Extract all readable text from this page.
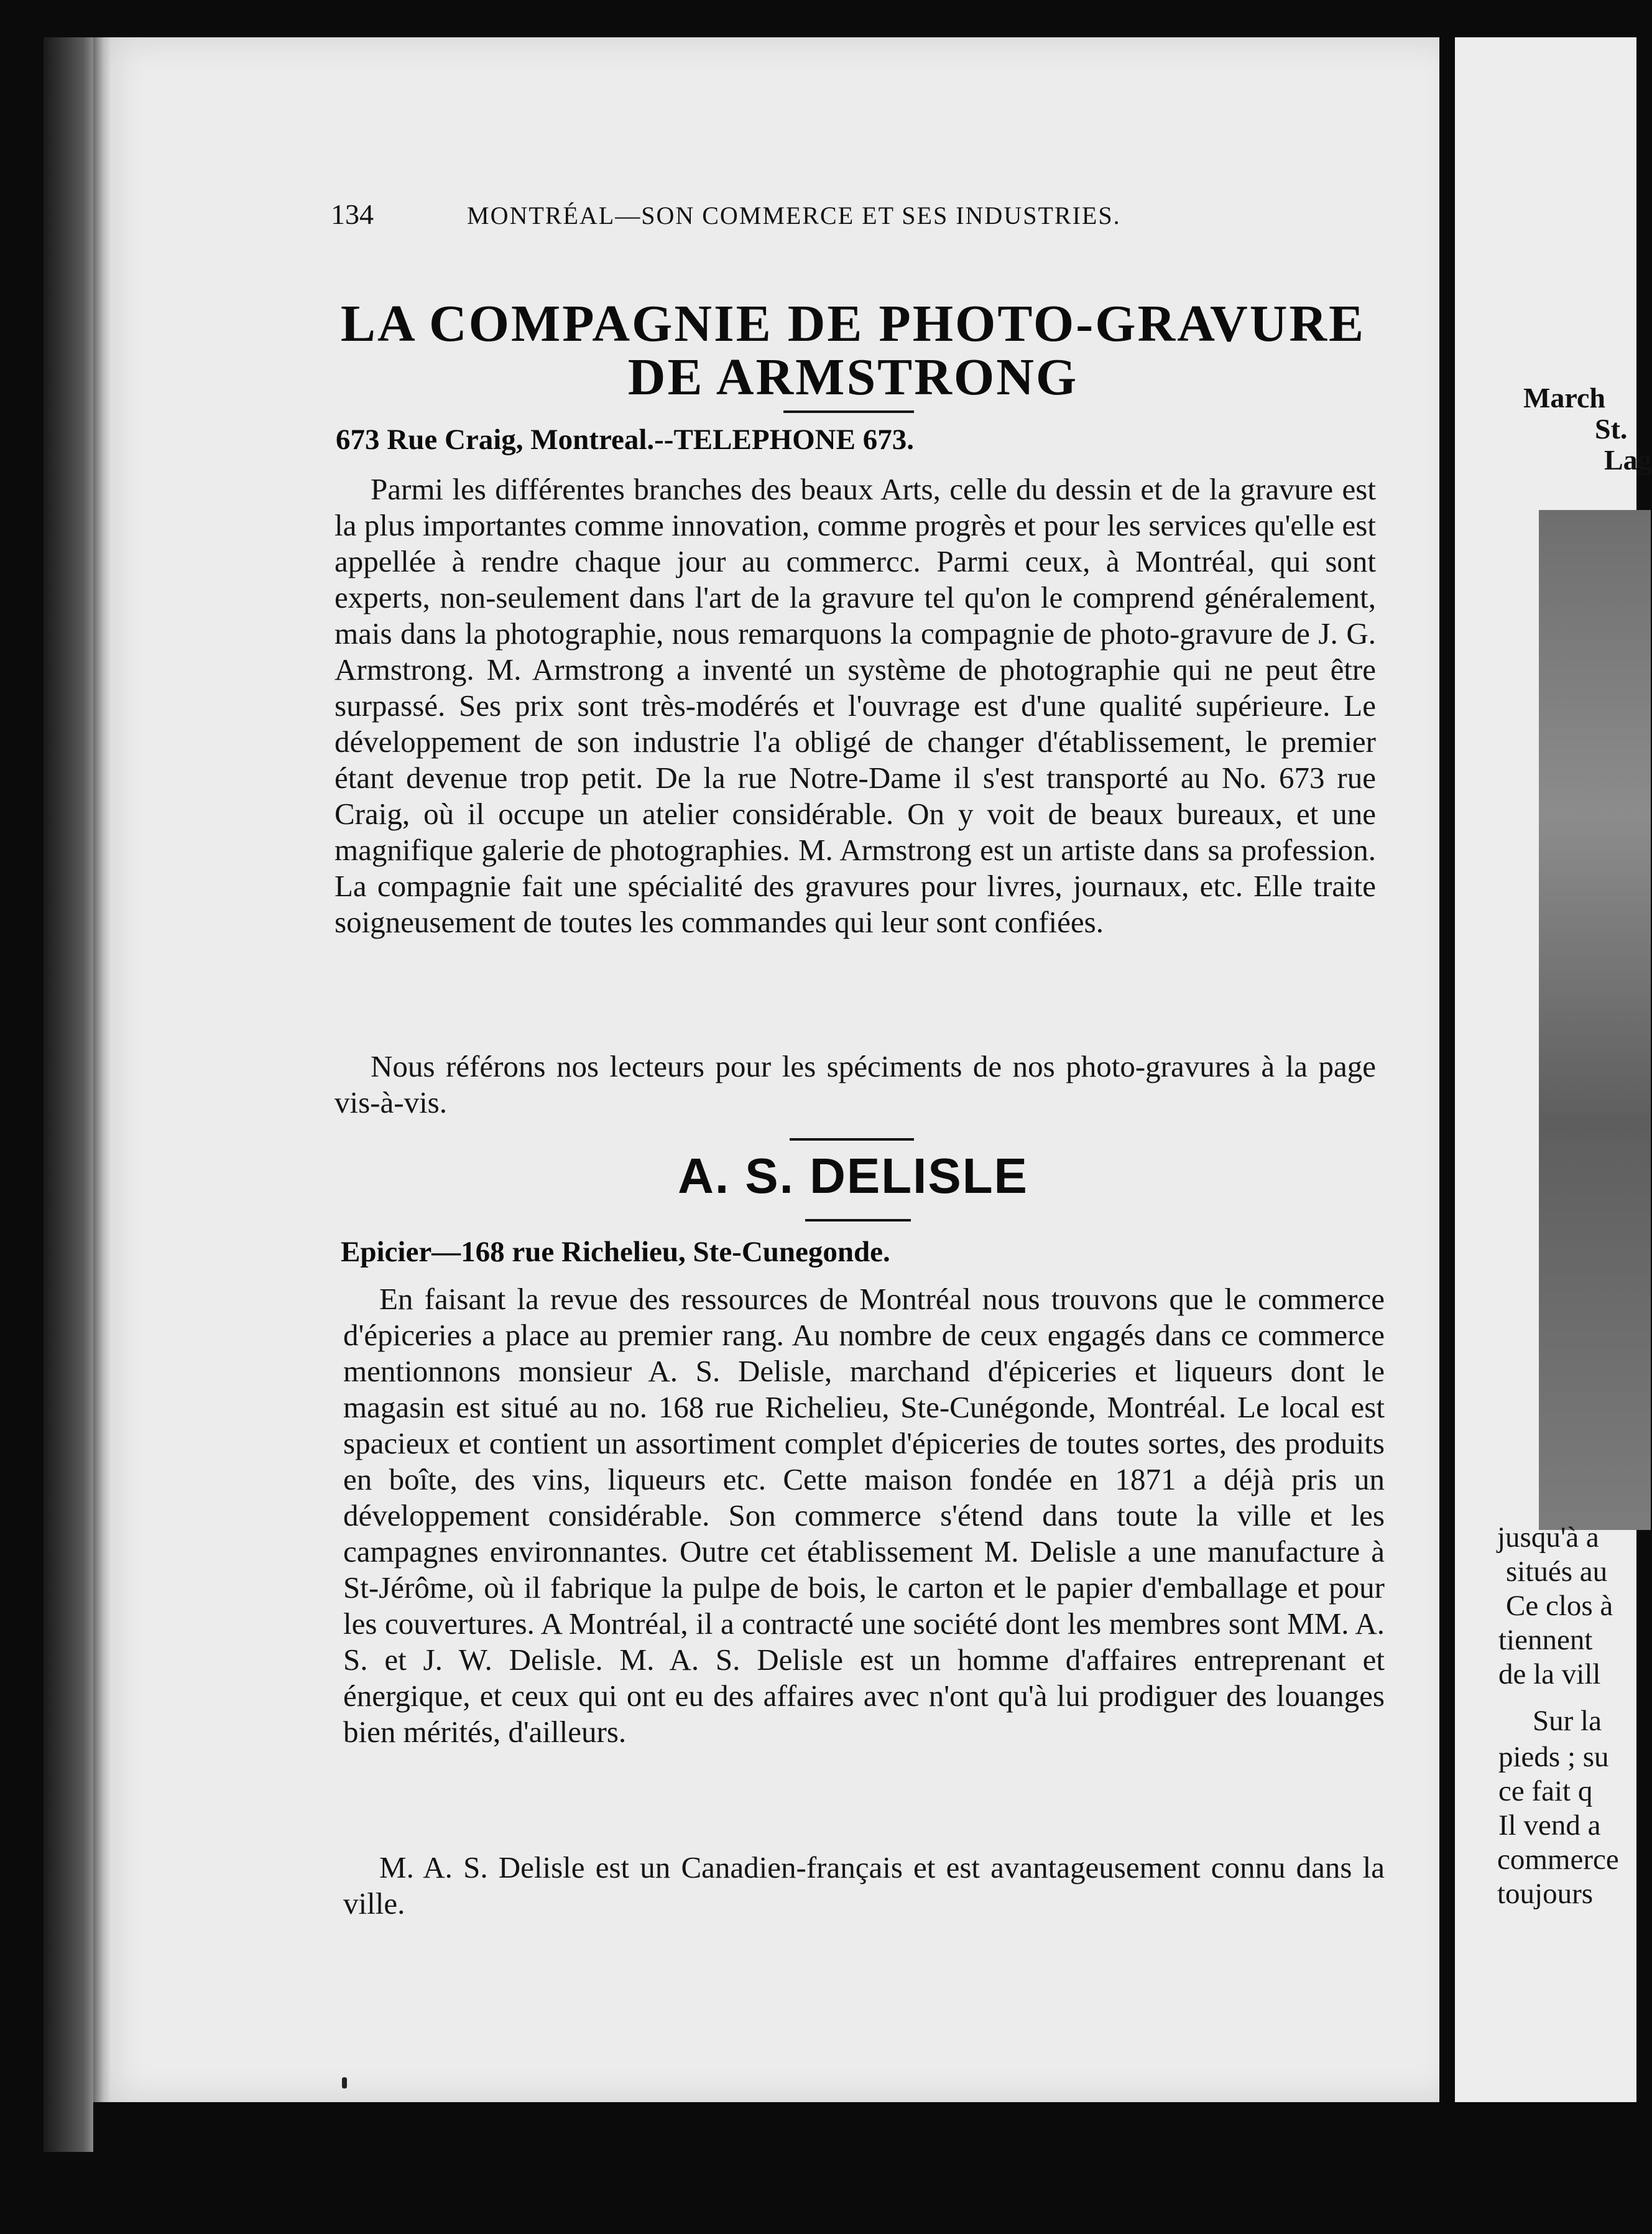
134	MONTRÉAL—SON COMMERCE ET SES INDUSTRIES.
LA COMPAGNIE DE PHOTO-GRAVURE
DE ARMSTRONG
673 Rue Craig, Montreal.--TELEPHONE 673.
Parmi les différentes branches des beaux Arts, celle du dessin et de la gravure est la plus importantes comme innovation, comme progrès et pour les services qu'elle est appellée à rendre chaque jour au commercc. Parmi ceux, à Montréal, qui sont experts, non-seulement dans l'art de la gravure tel qu'on le comprend généralement, mais dans la photographie, nous remarquons la compagnie de photo-gravure de J. G. Armstrong. M. Armstrong a inventé un système de photographie qui ne peut être surpassé. Ses prix sont très-modérés et l'ouvrage est d'une qualité supérieure. Le développement de son industrie l'a obligé de changer d'établissement, le premier étant devenue trop petit. De la rue Notre-Dame il s'est transporté au No. 673 rue Craig, où il occupe un atelier considérable. On y voit de beaux bureaux, et une magnifique galerie de photographies. M. Armstrong est un artiste dans sa profession. La compagnie fait une spécialité des gravures pour livres, journaux, etc. Elle traite soigneusement de toutes les commandes qui leur sont confiées.
Nous référons nos lecteurs pour les spéciments de nos photo-gravures à la page vis-à-vis.
A. S. DELISLE
Epicier—168 rue Richelieu, Ste-Cunegonde.
En faisant la revue des ressources de Montréal nous trouvons que le commerce d'épiceries a place au premier rang. Au nombre de ceux engagés dans ce commerce mentionnons monsieur A. S. Delisle, marchand d'épiceries et liqueurs dont le magasin est situé au no. 168 rue Richelieu, Ste-Cunégonde, Montréal. Le local est spacieux et contient un assortiment complet d'épiceries de toutes sortes, des produits en boîte, des vins, liqueurs etc. Cette maison fondée en 1871 a déjà pris un développement considérable. Son commerce s'étend dans toute la ville et les campagnes environnantes. Outre cet établissement M. Delisle a une manufacture à St-Jérôme, où il fabrique la pulpe de bois, le carton et le papier d'emballage et pour les couvertures. A Montréal, il a contracté une société dont les membres sont MM. A. S. et J. W. Delisle. M. A. S. Delisle est un homme d'affaires entreprenant et énergique, et ceux qui ont eu des affaires avec n'ont qu'à lui prodiguer des louanges bien mérités, d'ailleurs.
M. A. S. Delisle est un Canadien-français et est avantageusement connu dans la ville.
March
St.
Lag
jusqu'à a
situés au
Ce clos à
tiennent
de la vill
Sur la
pieds ; su
ce fait q
Il vend a
commerce
toujours
